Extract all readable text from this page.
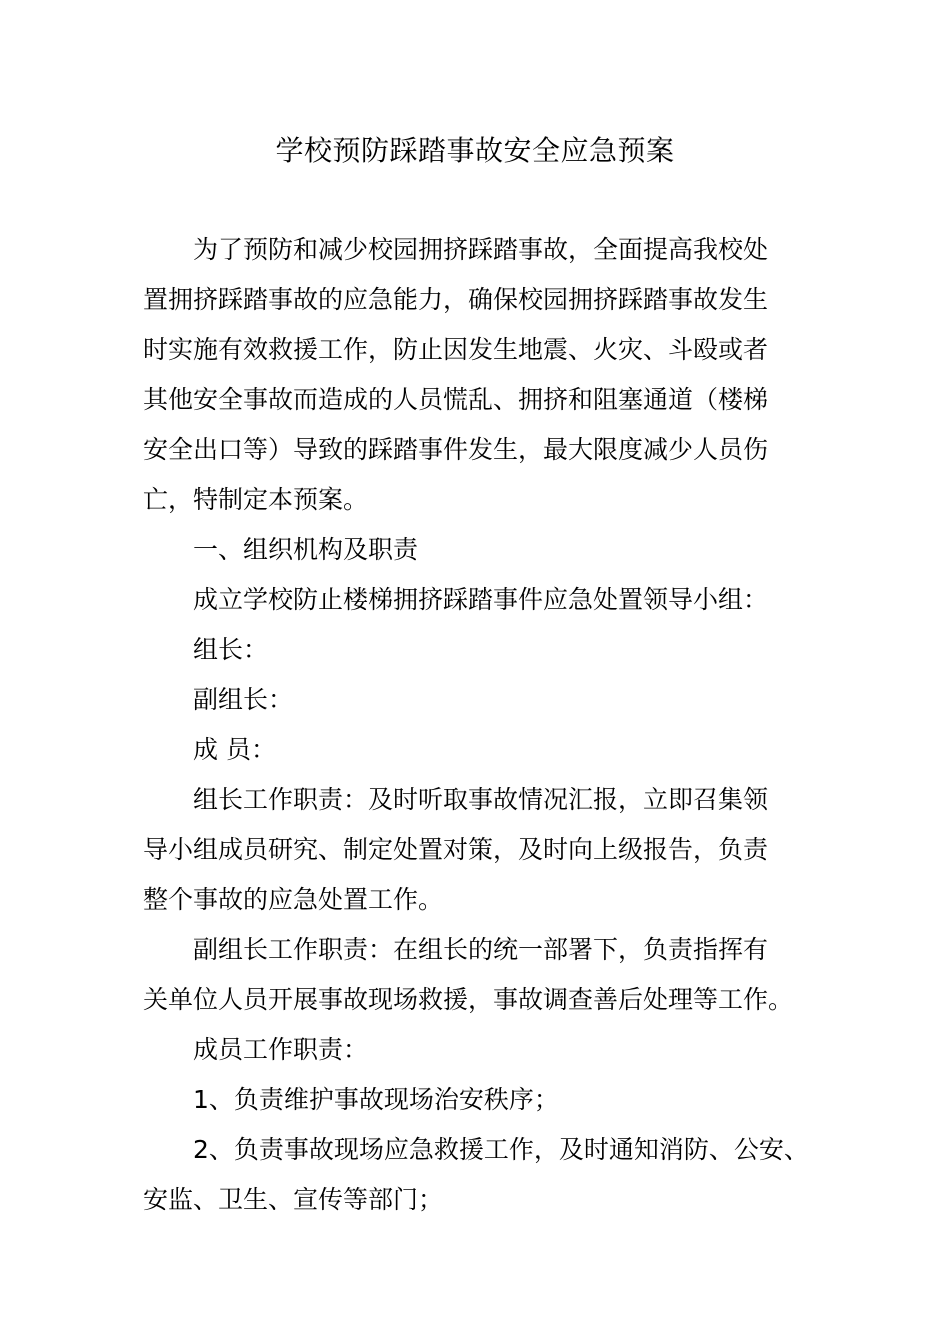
学校预防踩踏事故安全应急预案
为了预防和减少校园拥挤踩踏事故，全面提高我校处
置拥挤踩踏事故的应急能力，确保校园拥挤踩踏事故发生
时实施有效救援工作，防止因发生地震、火灾、斗殴或者
其他安全事故而造成的人员慌乱、拥挤和阻塞通道（楼梯
安全出口等）导致的踩踏事件发生，最大限度减少人员伤
亡，特制定本预案。
一、组织机构及职责
成立学校防止楼梯拥挤踩踏事件应急处置领导小组：
组长：
副组长：
成 员：
组长工作职责：及时听取事故情况汇报，立即召集领
导小组成员研究、制定处置对策，及时向上级报告，负责
整个事故的应急处置工作。
副组长工作职责：在组长的统一部署下，负责指挥有
关单位人员开展事故现场救援，事故调查善后处理等工作。
成员工作职责：
1、负责维护事故现场治安秩序；
2、负责事故现场应急救援工作，及时通知消防、公安、
安监、卫生、宣传等部门；
